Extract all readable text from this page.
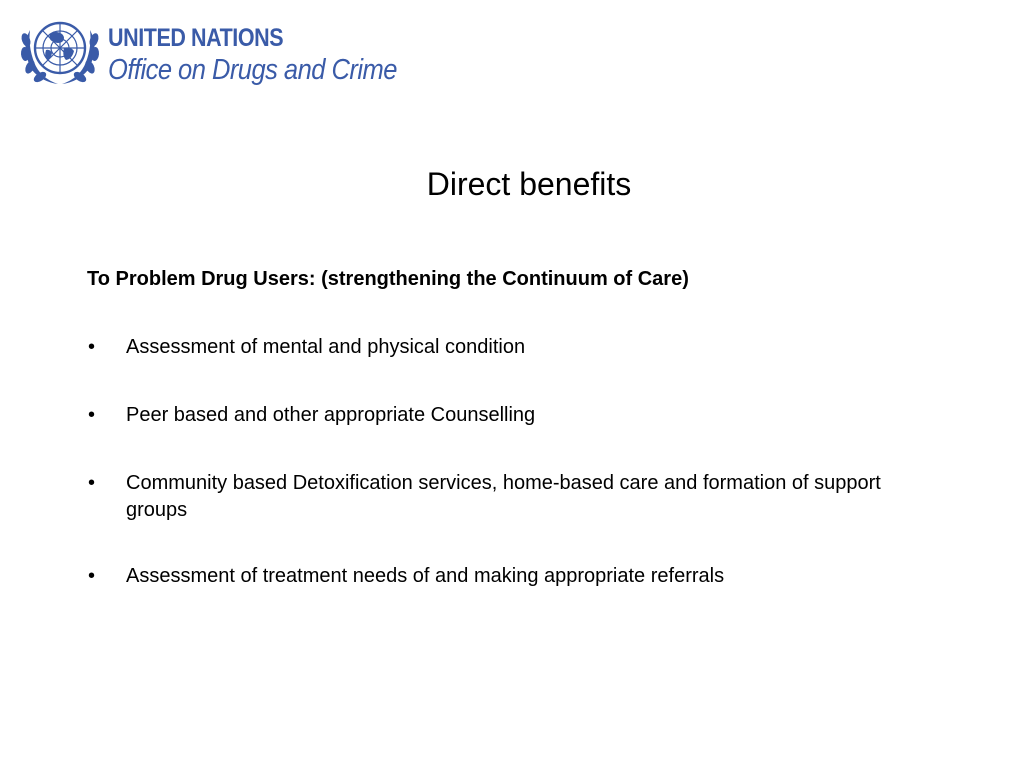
UNITED NATIONS
Office on Drugs and Crime
Direct benefits
To Problem Drug Users: (strengthening the Continuum of Care)
• Assessment of mental and physical condition
• Peer based and other appropriate Counselling
• Community based Detoxification services, home-based care and formation of support groups
• Assessment of treatment needs of and making appropriate referrals
